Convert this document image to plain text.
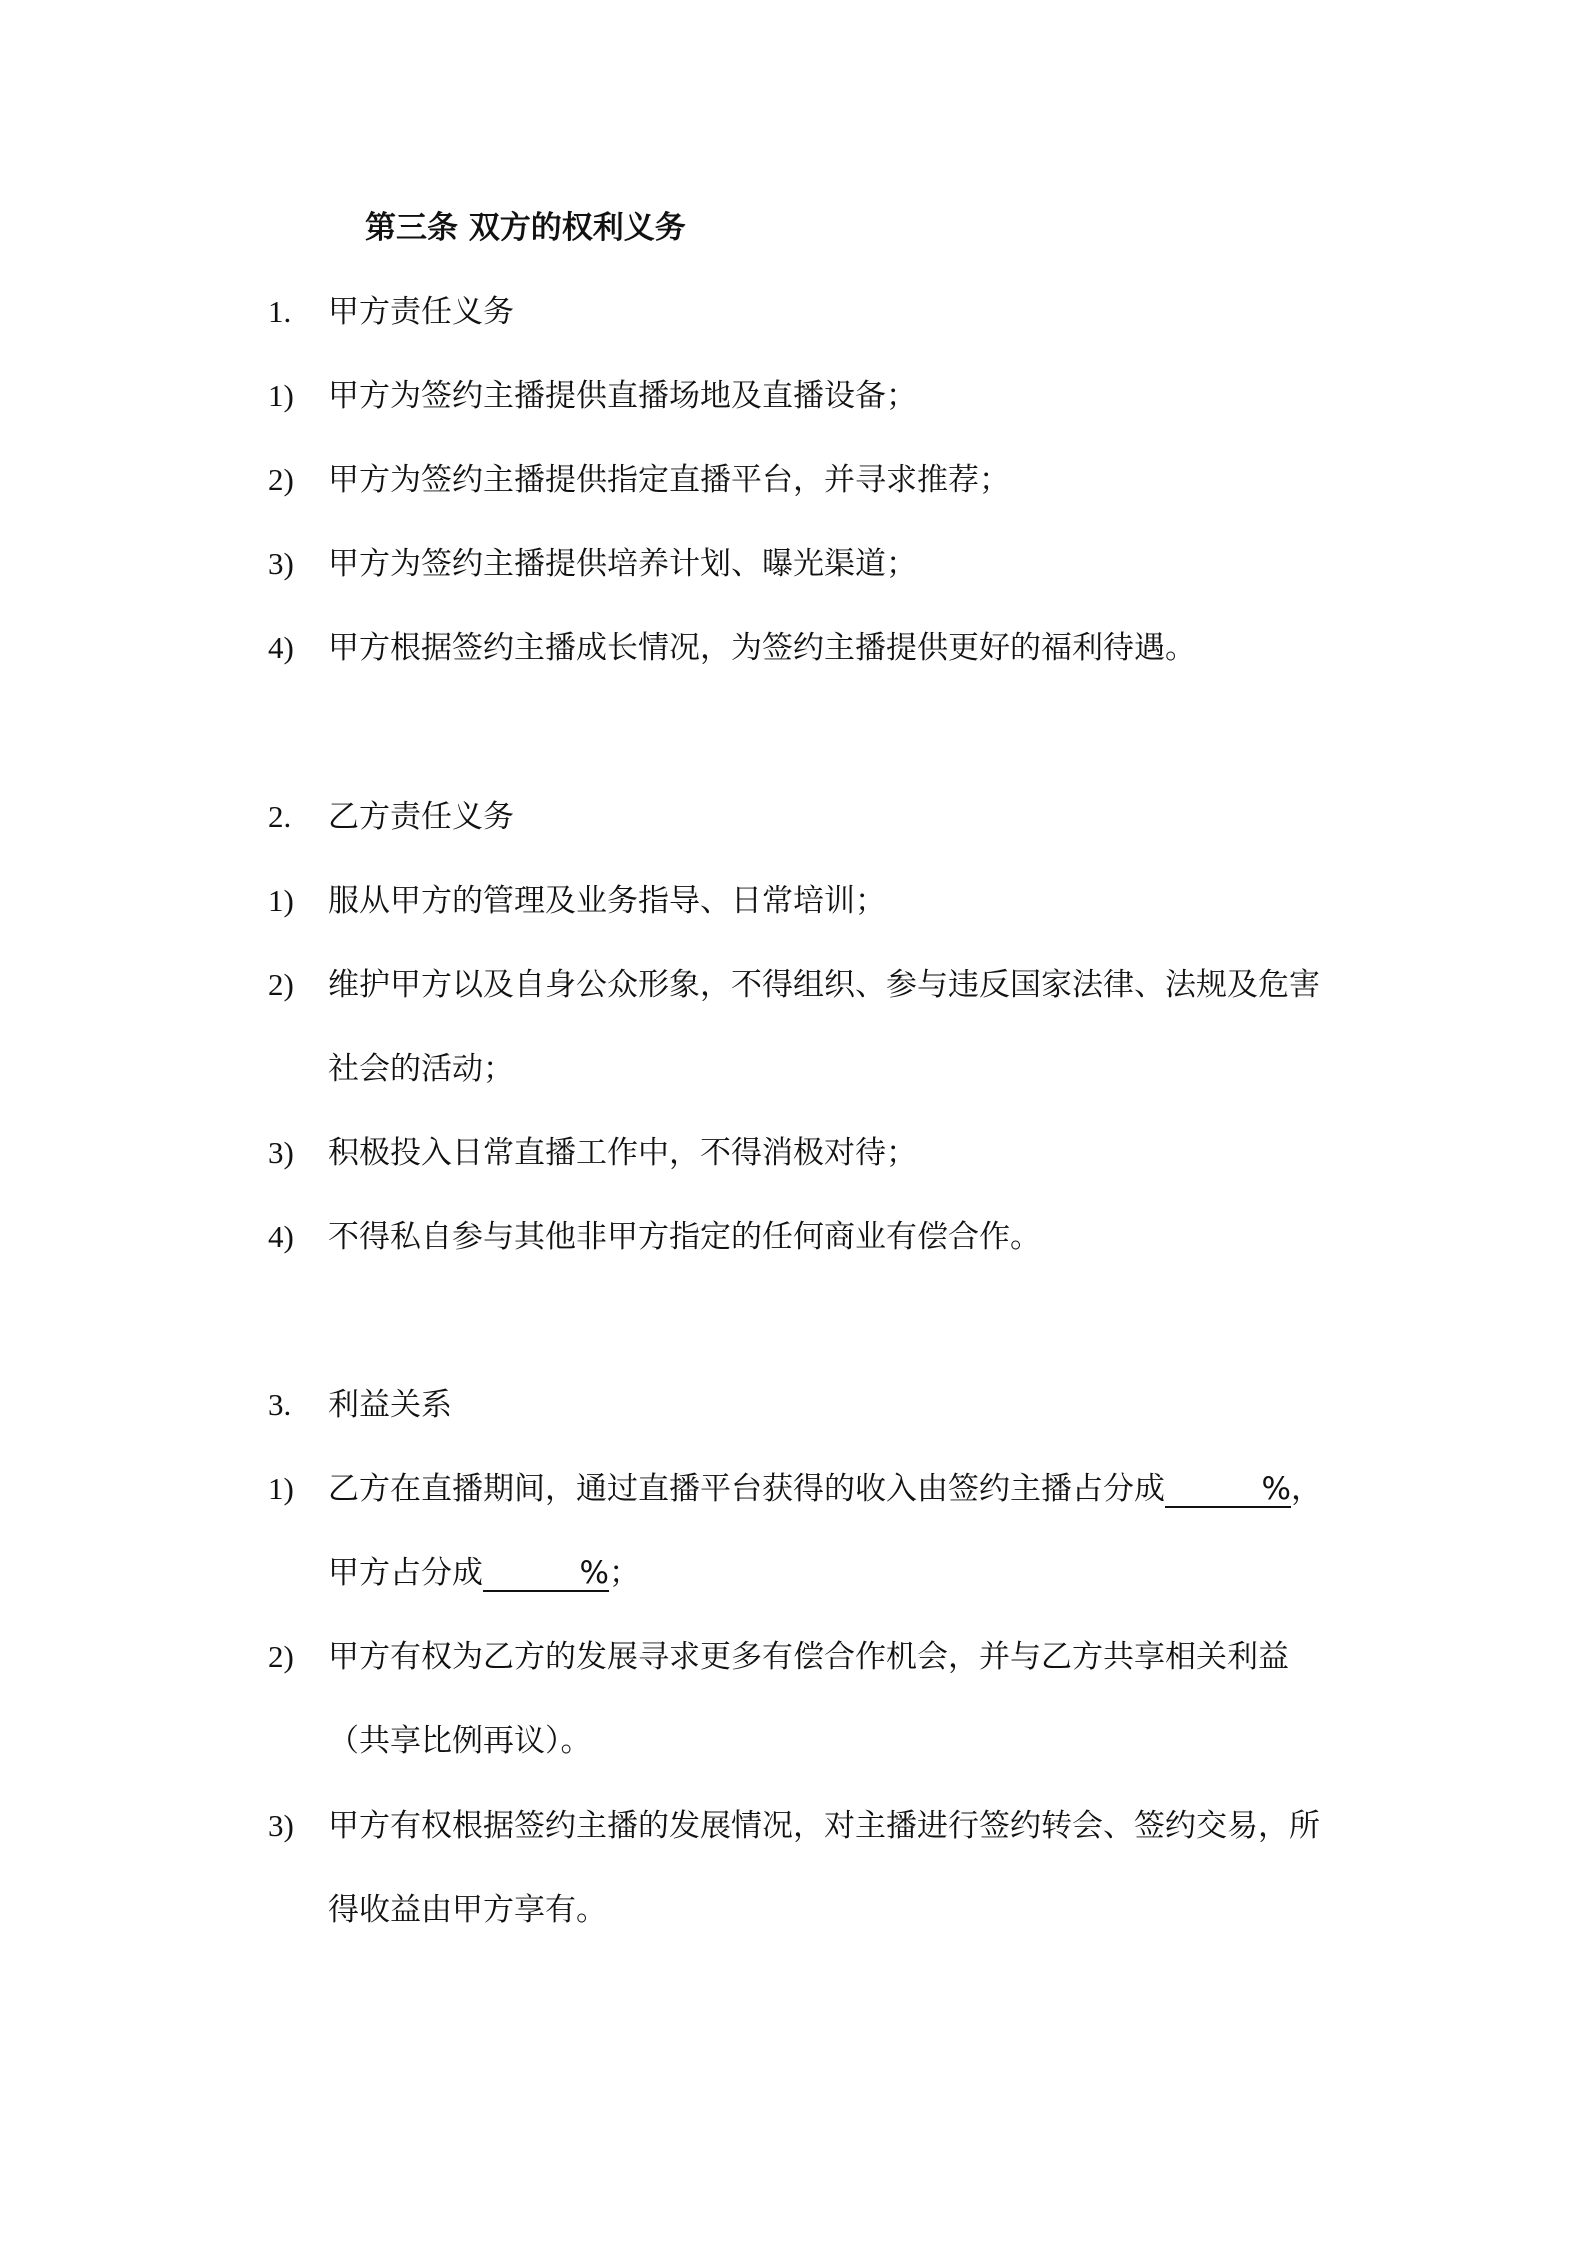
第三条 双方的权利义务
1. 甲方责任义务
1) 甲方为签约主播提供直播场地及直播设备；
2) 甲方为签约主播提供指定直播平台，并寻求推荐；
3) 甲方为签约主播提供培养计划、曝光渠道；
4) 甲方根据签约主播成长情况，为签约主播提供更好的福利待遇。
2. 乙方责任义务
1) 服从甲方的管理及业务指导、日常培训；
2) 维护甲方以及自身公众形象，不得组织、参与违反国家法律、法规及危害
社会的活动；
3) 积极投入日常直播工作中，不得消极对待；
4) 不得私自参与其他非甲方指定的任何商业有偿合作。
3. 利益关系
1) 乙方在直播期间，通过直播平台获得的收入由签约主播占分成	%，
甲方占分成	%；
2) 甲方有权为乙方的发展寻求更多有偿合作机会，并与乙方共享相关利益
（共享比例再议）。
3) 甲方有权根据签约主播的发展情况，对主播进行签约转会、签约交易，所
得收益由甲方享有。
